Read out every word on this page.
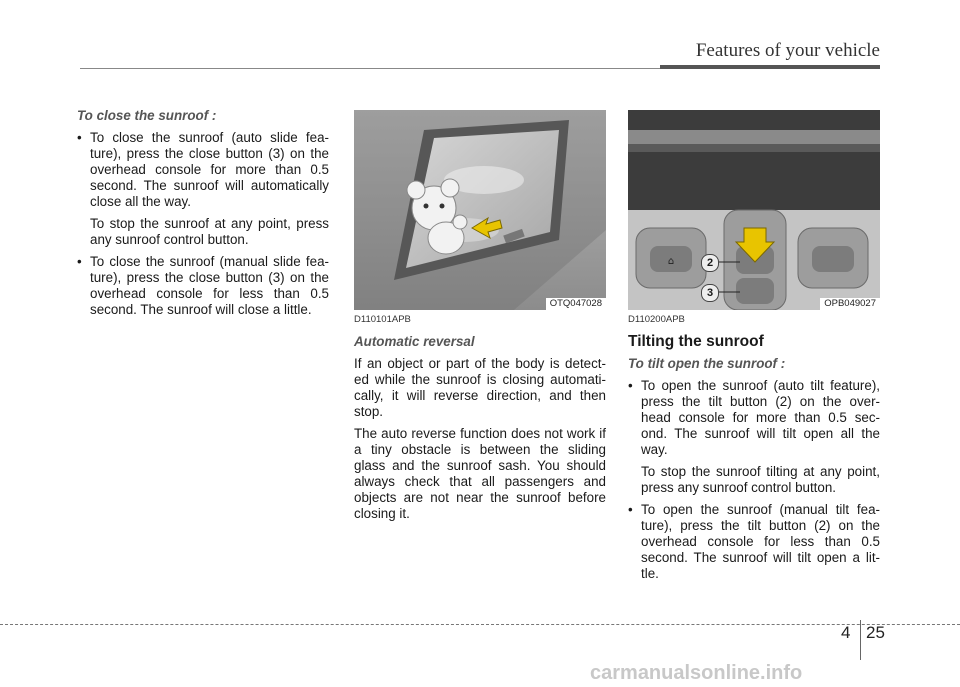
Features of your vehicle

To close the sunroof :

• To close the sunroof (auto slide fea- ture), press the close button (3) on the overhead console for more than 0.5 second. The sunroof will automatically close all the way.
To stop the sunroof at any point, press any sunroof control button.
• To close the sunroof (manual slide fea- ture), press the close button (3) on the overhead console for less than 0.5 second. The sunroof will close a little.	OTQ047028
⌂	2
3
OPB049027

D110101APB

Automatic reversal

If an object or part of the body is detect- ed while the sunroof is closing automati- cally, it will reverse direction, and then stop.

The auto reverse function does not work if a tiny obstacle is between the sliding glass and the sunroof sash. You should always check that all passengers and objects are not near the sunroof before closing it.

D110200APB

Tilting the sunroof

To tilt open the sunroof :

• To open the sunroof (auto tilt feature), press the tilt button (2) on the over- head console for more than 0.5 sec- ond. The sunroof will tilt open all the way.
To stop the sunroof tilting at any point, press any sunroof control button.
• To open the sunroof (manual tilt fea- ture), press the tilt button (2) on the overhead console for less than 0.5 second. The sunroof will tilt open a lit- tle.
4 25
carmanualsonline.info
